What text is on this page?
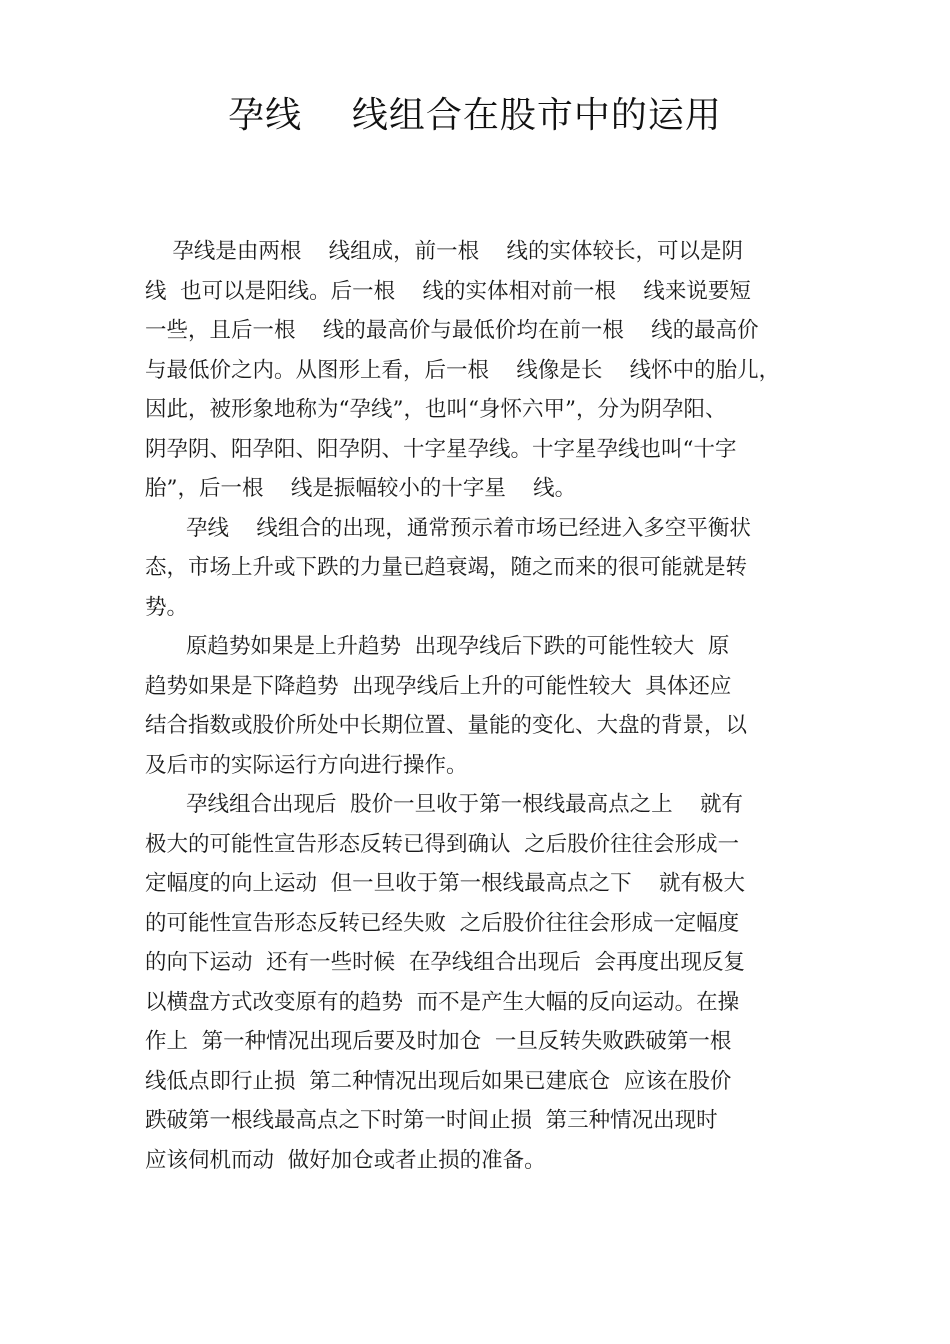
孕线    线组合在股市中的运用
孕线是由两根    线组成，前一根    线的实体较长，可以是阴
线  也可以是阳线。后一根    线的实体相对前一根    线来说要短
一些，且后一根    线的最高价与最低价均在前一根    线的最高价
与最低价之内。从图形上看，后一根    线像是长    线怀中的胎儿，
因此，被形象地称为“孕线”，也叫“身怀六甲”，分为阴孕阳、
阴孕阴、阳孕阳、阳孕阴、十字星孕线。十字星孕线也叫“十字
胎”，后一根    线是振幅较小的十字星    线。
孕线    线组合的出现，通常预示着市场已经进入多空平衡状
态，市场上升或下跌的力量已趋衰竭，随之而来的很可能就是转
势。
原趋势如果是上升趋势  出现孕线后下跌的可能性较大  原
趋势如果是下降趋势  出现孕线后上升的可能性较大  具体还应
结合指数或股价所处中长期位置、量能的变化、大盘的背景，以
及后市的实际运行方向进行操作。
孕线组合出现后  股价一旦收于第一根线最高点之上    就有
极大的可能性宣告形态反转已得到确认  之后股价往往会形成一
定幅度的向上运动  但一旦收于第一根线最高点之下    就有极大
的可能性宣告形态反转已经失败  之后股价往往会形成一定幅度
的向下运动  还有一些时候  在孕线组合出现后  会再度出现反复
以横盘方式改变原有的趋势  而不是产生大幅的反向运动。在操
作上  第一种情况出现后要及时加仓  一旦反转失败跌破第一根
线低点即行止损  第二种情况出现后如果已建底仓  应该在股价
跌破第一根线最高点之下时第一时间止损  第三种情况出现时
应该伺机而动  做好加仓或者止损的准备。
